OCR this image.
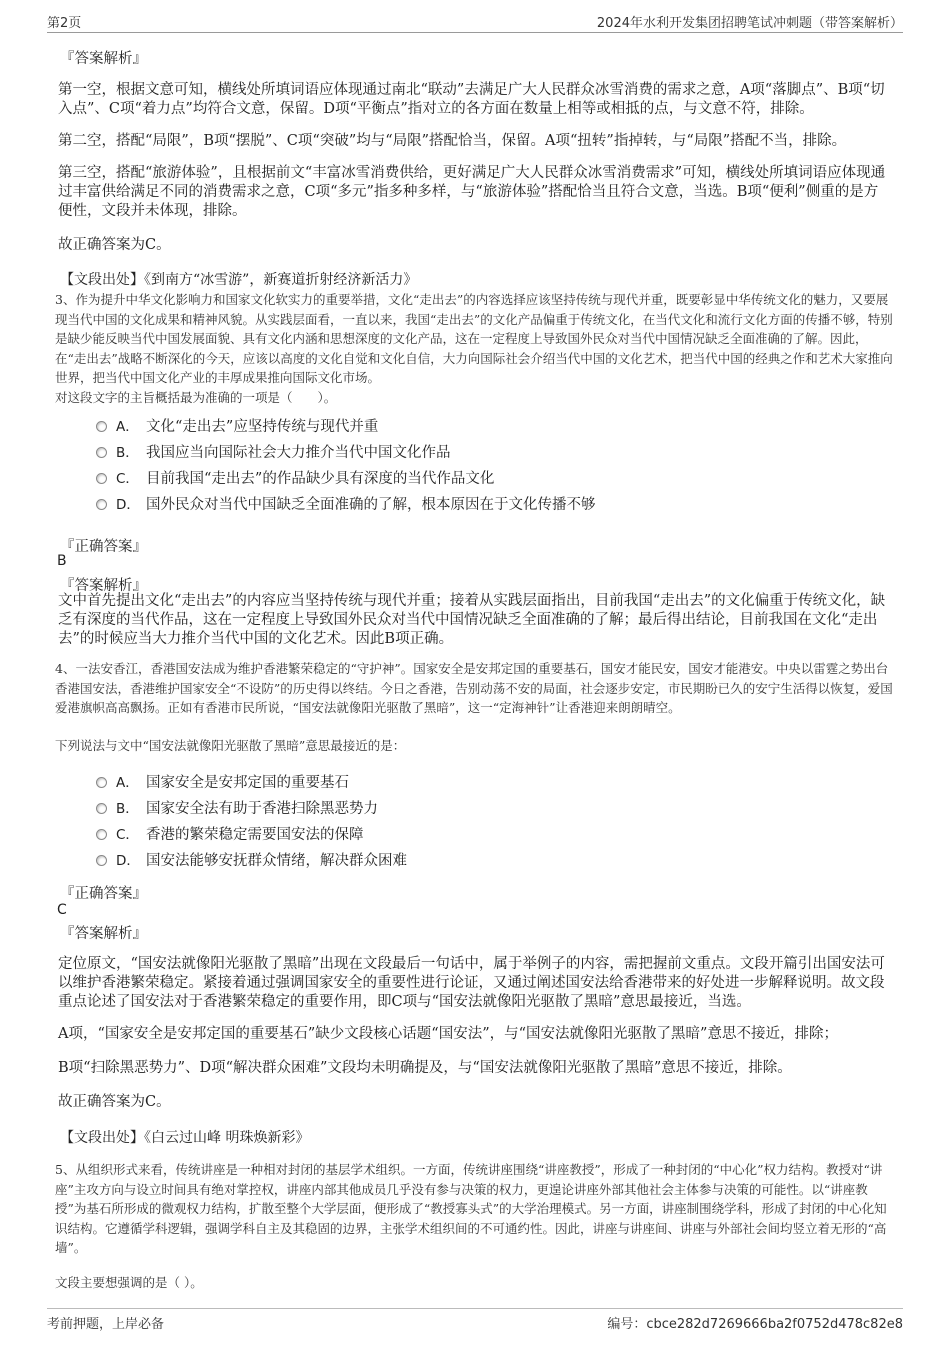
第2页	2024年水利开发集团招聘笔试冲刺题（带答案解析）
『答案解析』

第一空，根据文意可知，横线处所填词语应体现通过南北“联动”去满足广大人民群众冰雪消费的需求之意，A项“落脚点”、B项“切入点”、C项“着力点”均符合文意，保留。D项“平衡点”指对立的各方面在数量上相等或相抵的点，与文意不符，排除。

第二空，搭配“局限”，B项“摆脱”、C项“突破”均与“局限”搭配恰当，保留。A项“扭转”指掉转，与“局限”搭配不当，排除。

第三空，搭配“旅游体验”，且根据前文“丰富冰雪消费供给，更好满足广大人民群众冰雪消费需求”可知，横线处所填词语应体现通过丰富供给满足不同的消费需求之意，C项“多元”指多种多样，与“旅游体验”搭配恰当且符合文意，当选。B项“便利”侧重的是方便性，文段并未体现，排除。

故正确答案为C。

【文段出处】《到南方“冰雪游”，新赛道折射经济新活力》

3、作为提升中华文化影响力和国家文化软实力的重要举措，文化“走出去”的内容选择应该坚持传统与现代并重，既要彰显中华传统文化的魅力，又要展现当代中国的文化成果和精神风貌。从实践层面看，一直以来，我国“走出去”的文化产品偏重于传统文化，在当代文化和流行文化方面的传播不够，特别是缺少能反映当代中国发展面貌、具有文化内涵和思想深度的文化产品，这在一定程度上导致国外民众对当代中国情况缺乏全面准确的了解。因此，在“走出去”战略不断深化的今天，应该以高度的文化自觉和文化自信，大力向国际社会介绍当代中国的文化艺术，把当代中国的经典之作和艺术大家推向世界，把当代中国文化产业的丰厚成果推向国际文化市场。

对这段文字的主旨概括最为准确的一项是（　　）。

A． 文化“走出去”应坚持传统与现代并重
B． 我国应当向国际社会大力推介当代中国文化作品
C． 目前我国“走出去”的作品缺少具有深度的当代作品文化
D． 国外民众对当代中国缺乏全面准确的了解，根本原因在于文化传播不够
『正确答案』
B
『答案解析』

文中首先提出文化“走出去”的内容应当坚持传统与现代并重；接着从实践层面指出，目前我国“走出去”的文化偏重于传统文化，缺乏有深度的当代作品，这在一定程度上导致国外民众对当代中国情况缺乏全面准确的了解；最后得出结论，目前我国在文化“走出去”的时候应当大力推介当代中国的文化艺术。因此B项正确。

4、一法安香江，香港国安法成为维护香港繁荣稳定的“守护神”。国家安全是安邦定国的重要基石，国安才能民安，国安才能港安。中央以雷霆之势出台香港国安法，香港维护国家安全“不设防”的历史得以终结。今日之香港，告别动荡不安的局面，社会逐步安定，市民期盼已久的安宁生活得以恢复，爱国爱港旗帜高高飘扬。正如有香港市民所说，“国安法就像阳光驱散了黑暗”，这一“定海神针”让香港迎来朗朗晴空。

下列说法与文中“国安法就像阳光驱散了黑暗”意思最接近的是：

A． 国家安全是安邦定国的重要基石
B． 国家安全法有助于香港扫除黑恶势力
C． 香港的繁荣稳定需要国安法的保障
D． 国安法能够安抚群众情绪，解决群众困难
『正确答案』
C
『答案解析』

定位原文，“国安法就像阳光驱散了黑暗”出现在文段最后一句话中，属于举例子的内容，需把握前文重点。文段开篇引出国安法可以维护香港繁荣稳定。紧接着通过强调国家安全的重要性进行论证，又通过阐述国安法给香港带来的好处进一步解释说明。故文段重点论述了国安法对于香港繁荣稳定的重要作用，即C项与“国安法就像阳光驱散了黑暗”意思最接近，当选。

A项，“国家安全是安邦定国的重要基石”缺少文段核心话题“国安法”，与“国安法就像阳光驱散了黑暗”意思不接近，排除；

B项“扫除黑恶势力”、D项“解决群众困难”文段均未明确提及，与“国安法就像阳光驱散了黑暗”意思不接近，排除。

故正确答案为C。

【文段出处】《白云过山峰 明珠焕新彩》

5、从组织形式来看，传统讲座是一种相对封闭的基层学术组织。一方面，传统讲座围绕“讲座教授”，形成了一种封闭的“中心化”权力结构。教授对“讲座”主攻方向与设立时间具有绝对掌控权，讲座内部其他成员几乎没有参与决策的权力，更遑论讲座外部其他社会主体参与决策的可能性。以“讲座教授”为基石所形成的微观权力结构，扩散至整个大学层面，便形成了“教授寡头式”的大学治理模式。另一方面，讲座制围绕学科，形成了封闭的中心化知识结构。它遵循学科逻辑，强调学科自主及其稳固的边界，主张学术组织间的不可通约性。因此，讲座与讲座间、讲座与外部社会间均竖立着无形的“高墙”。

文段主要想强调的是（ ）。

考前押题，上岸必备	编号：cbce282d7269666ba2f0752d478c82e8
